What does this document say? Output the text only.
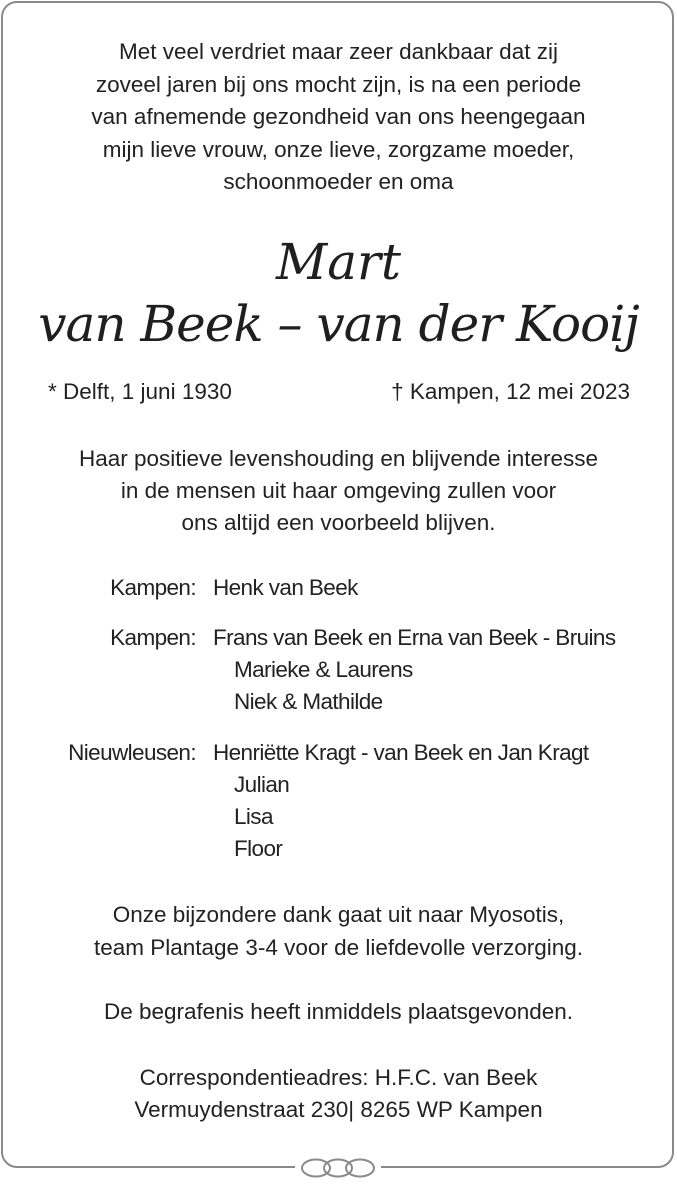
Met veel verdriet maar zeer dankbaar dat zij
zoveel jaren bij ons mocht zijn, is na een periode
van afnemende gezondheid van ons heengegaan
mijn lieve vrouw, onze lieve, zorgzame moeder,
schoonmoeder en oma
Mart
van Beek – van der Kooij
* Delft, 1 juni 1930	† Kampen, 12 mei 2023
Haar positieve levenshouding en blijvende interesse
in de mensen uit haar omgeving zullen voor
ons altijd een voorbeeld blijven.
Kampen: Henk van Beek
Kampen: Frans van Beek en Erna van Beek - Bruins
Marieke & Laurens
Niek & Mathilde
Nieuwleusen: Henriëtte Kragt - van Beek en Jan Kragt
Julian
Lisa
Floor
Onze bijzondere dank gaat uit naar Myosotis,
team Plantage 3-4 voor de liefdevolle verzorging.
De begrafenis heeft inmiddels plaatsgevonden.
Correspondentieadres: H.F.C. van Beek
Vermuydenstraat 230| 8265 WP Kampen
